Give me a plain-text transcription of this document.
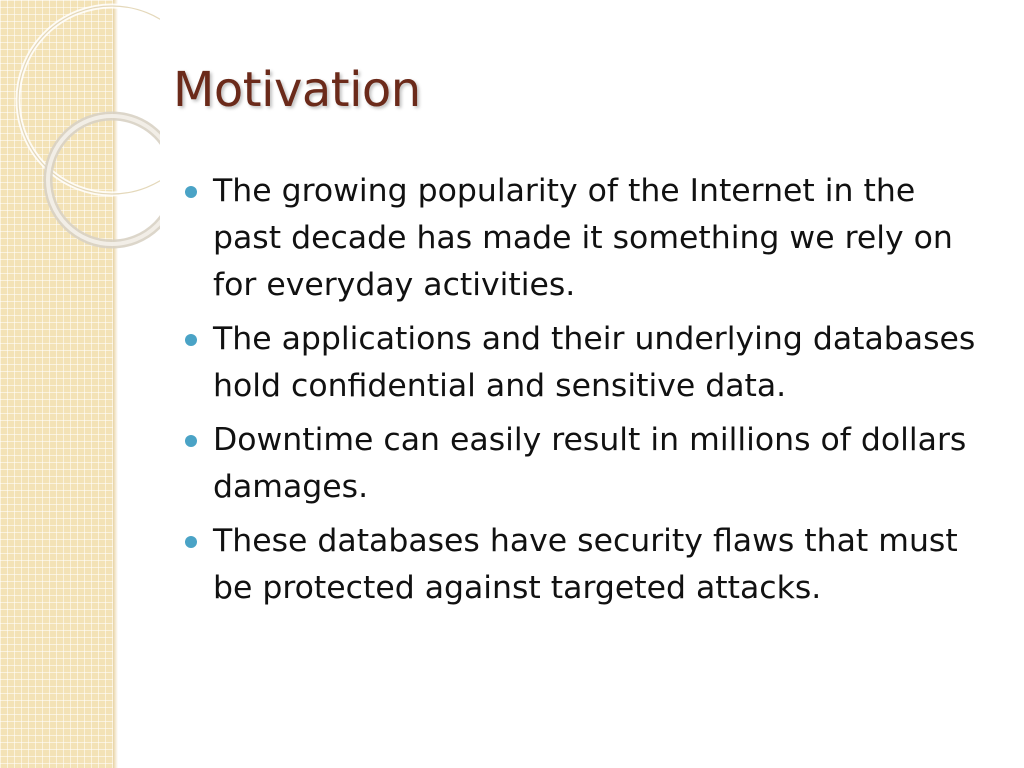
Motivation
The growing popularity of the Internet in the past decade has made it something we rely on for everyday activities.
The applications and their underlying databases hold confidential and sensitive data.
Downtime can easily result in millions of dollars damages.
These databases have security flaws that must be protected against targeted attacks.
